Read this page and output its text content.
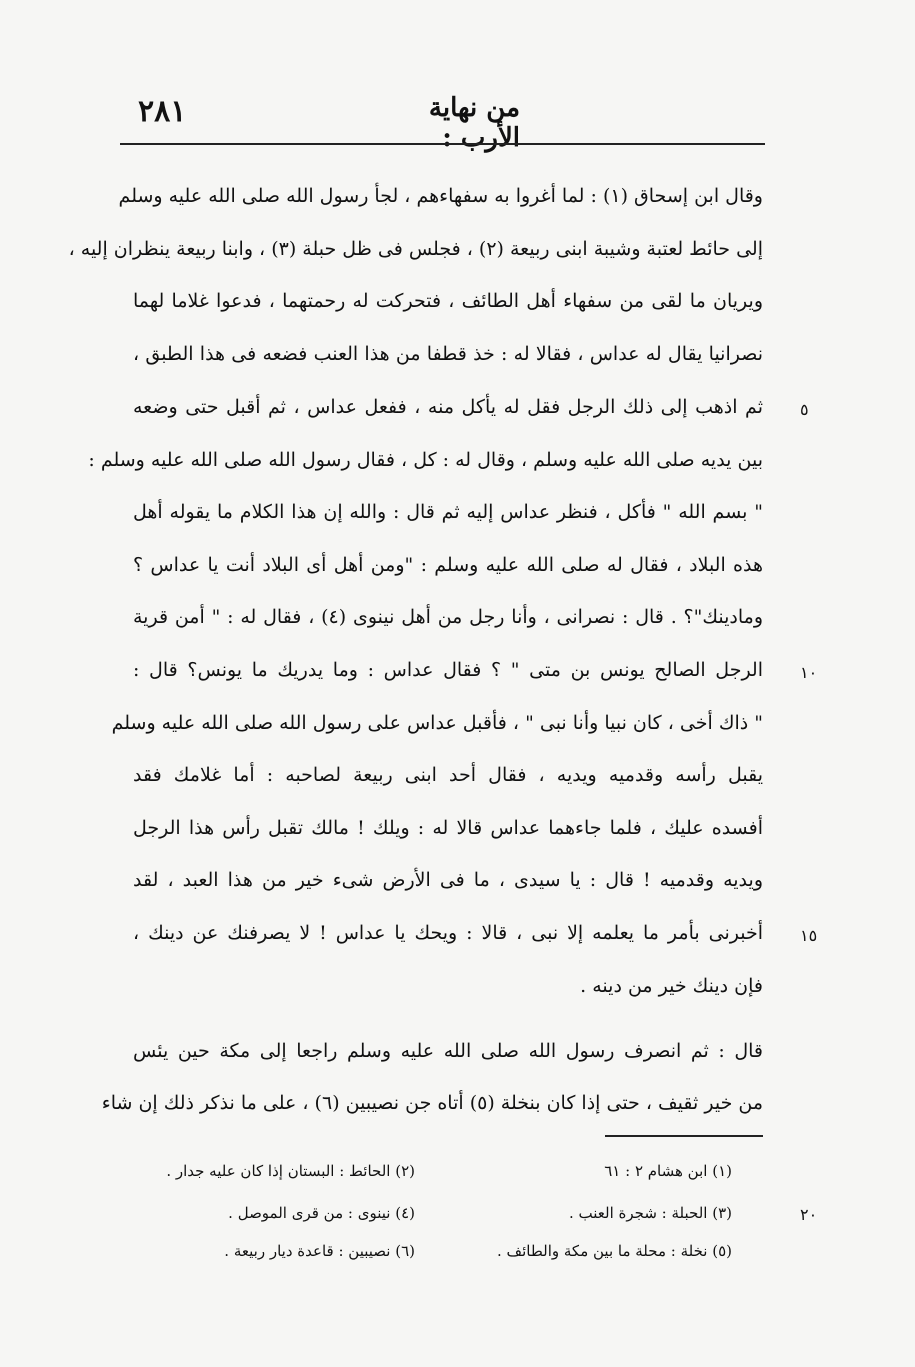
٢٨١	من نهاية الأرب :
وقال ابن إسحاق (١) : لما أغروا به سفهاءهم ، لجأ رسول الله صلى الله عليه وسلم
إلى حائط لعتبة وشيبة ابنى ربيعة (٢) ، فجلس فى ظل حبلة (٣) ، وابنا ربيعة ينظران إليه ،
ويريان ما لقى من سفهاء أهل الطائف ، فتحركت له رحمتهما ، فدعوا غلاما لهما
نصرانيا يقال له عداس ، فقالا له : خذ قطفا من هذا العنب فضعه فى هذا الطبق ،
ثم اذهب إلى ذلك الرجل فقل له يأكل منه ، ففعل عداس ، ثم أقبل حتى وضعه
بين يديه صلى الله عليه وسلم ، وقال له : كل ، فقال رسول الله صلى الله عليه وسلم :
" بسم الله " فأكل ، فنظر عداس إليه ثم قال : والله إن هذا الكلام ما يقوله أهل
هذه البلاد ، فقال له صلى الله عليه وسلم : "ومن أهل أى البلاد أنت يا عداس ؟
ومادينك"؟ . قال : نصرانى ، وأنا رجل من أهل نينوى (٤) ، فقال له : " أمن قرية
الرجل الصالح يونس بن متى " ؟ فقال عداس : وما يدريك ما يونس؟ قال :
" ذاك أخى ، كان نبيا وأنا نبى " ، فأقبل عداس على رسول الله صلى الله عليه وسلم
يقبل رأسه وقدميه ويديه ، فقال أحد ابنى ربيعة لصاحبه : أما غلامك فقد
أفسده عليك ، فلما جاءهما عداس قالا له : ويلك ! مالك تقبل رأس هذا الرجل
ويديه وقدميه ! قال : يا سيدى ، ما فى الأرض شىء خير من هذا العبد ، لقد
أخبرنى بأمر ما يعلمه إلا نبى ، قالا : ويحك يا عداس ! لا يصرفنك عن دينك ،
فإن دينك خير من دينه .
قال : ثم انصرف رسول الله صلى الله عليه وسلم راجعا إلى مكة حين يئس
من خير ثقيف ، حتى إذا كان بنخلة (٥) أتاه جن نصيبين (٦) ، على ما نذكر ذلك إن شاء
٥
١٠
١٥
٢٠
(١) ابن هشام ٢ : ٦١
(٢) الحائط : البستان إذا كان عليه جدار .
(٣) الحبلة : شجرة العنب .
(٤) نينوى : من قرى الموصل .
(٥) نخلة : محلة ما بين مكة والطائف .
(٦) نصيبين : قاعدة ديار ربيعة .
